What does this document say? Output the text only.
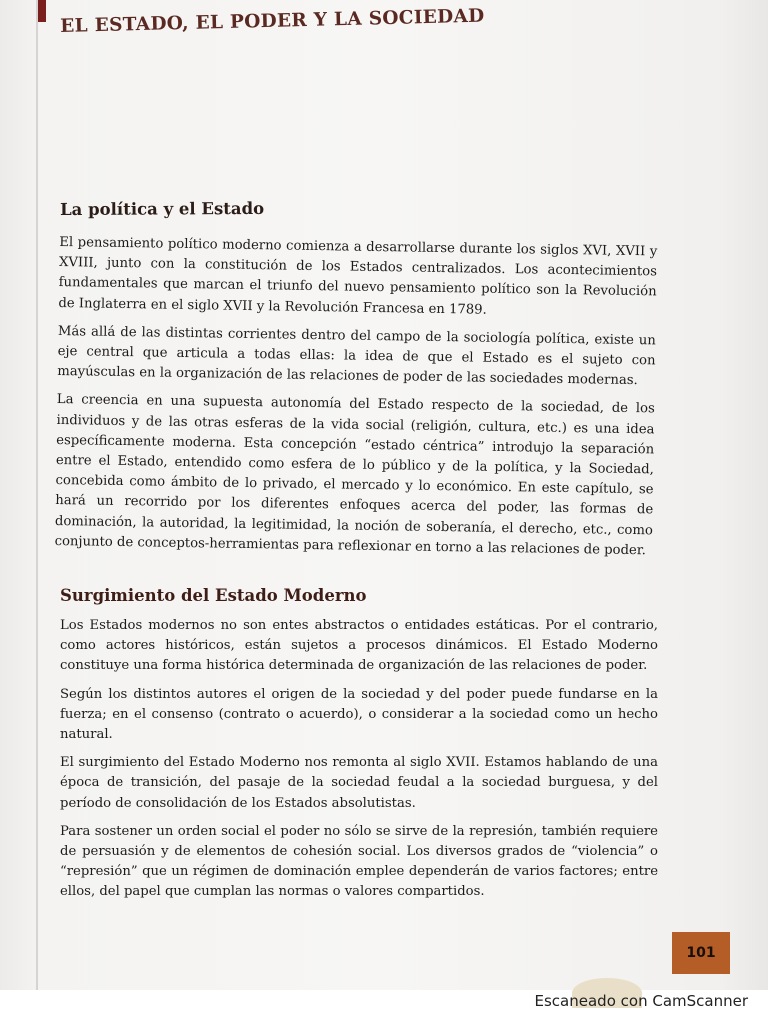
EL ESTADO, EL PODER Y LA SOCIEDAD
La política y el Estado

El pensamiento político moderno comienza a desarrollarse durante los siglos XVI, XVII y XVIII, junto con la constitución de los Estados centralizados. Los acontecimientos fundamentales que marcan el triunfo del nuevo pensamiento político son la Revolución de Inglaterra en el siglo XVII y la Revolución Francesa en 1789.

Más allá de las distintas corrientes dentro del campo de la sociología política, existe un eje central que articula a todas ellas: la idea de que el Estado es el sujeto con mayúsculas en la organización de las relaciones de poder de las sociedades modernas.

La creencia en una supuesta autonomía del Estado respecto de la sociedad, de los individuos y de las otras esferas de la vida social (religión, cultura, etc.) es una idea específicamente moderna. Esta concepción “estado céntrica” introdujo la separación entre el Estado, entendido como esfera de lo público y de la política, y la Sociedad, concebida como ámbito de lo privado, el mercado y lo económico. En este capítulo, se hará un recorrido por los diferentes enfoques acerca del poder, las formas de dominación, la autoridad, la legitimidad, la noción de soberanía, el derecho, etc., como conjunto de conceptos-herramientas para reflexionar en torno a las relaciones de poder.

Surgimiento del Estado Moderno

Los Estados modernos no son entes abstractos o entidades estáticas. Por el contrario, como actores históricos, están sujetos a procesos dinámicos. El Estado Moderno constituye una forma histórica determinada de organización de las relaciones de poder.

Según los distintos autores el origen de la sociedad y del poder puede fundarse en la fuerza; en el consenso (contrato o acuerdo), o considerar a la sociedad como un hecho natural.

El surgimiento del Estado Moderno nos remonta al siglo XVII. Estamos hablando de una época de transición, del pasaje de la sociedad feudal a la sociedad burguesa, y del período de consolidación de los Estados absolutistas.

Para sostener un orden social el poder no sólo se sirve de la represión, también requiere de persuasión y de elementos de cohesión social. Los diversos grados de “violencia” o “represión” que un régimen de dominación emplee dependerán de varios factores; entre ellos, del papel que cumplan las normas o valores compartidos.

101
Escaneado con CamScanner
